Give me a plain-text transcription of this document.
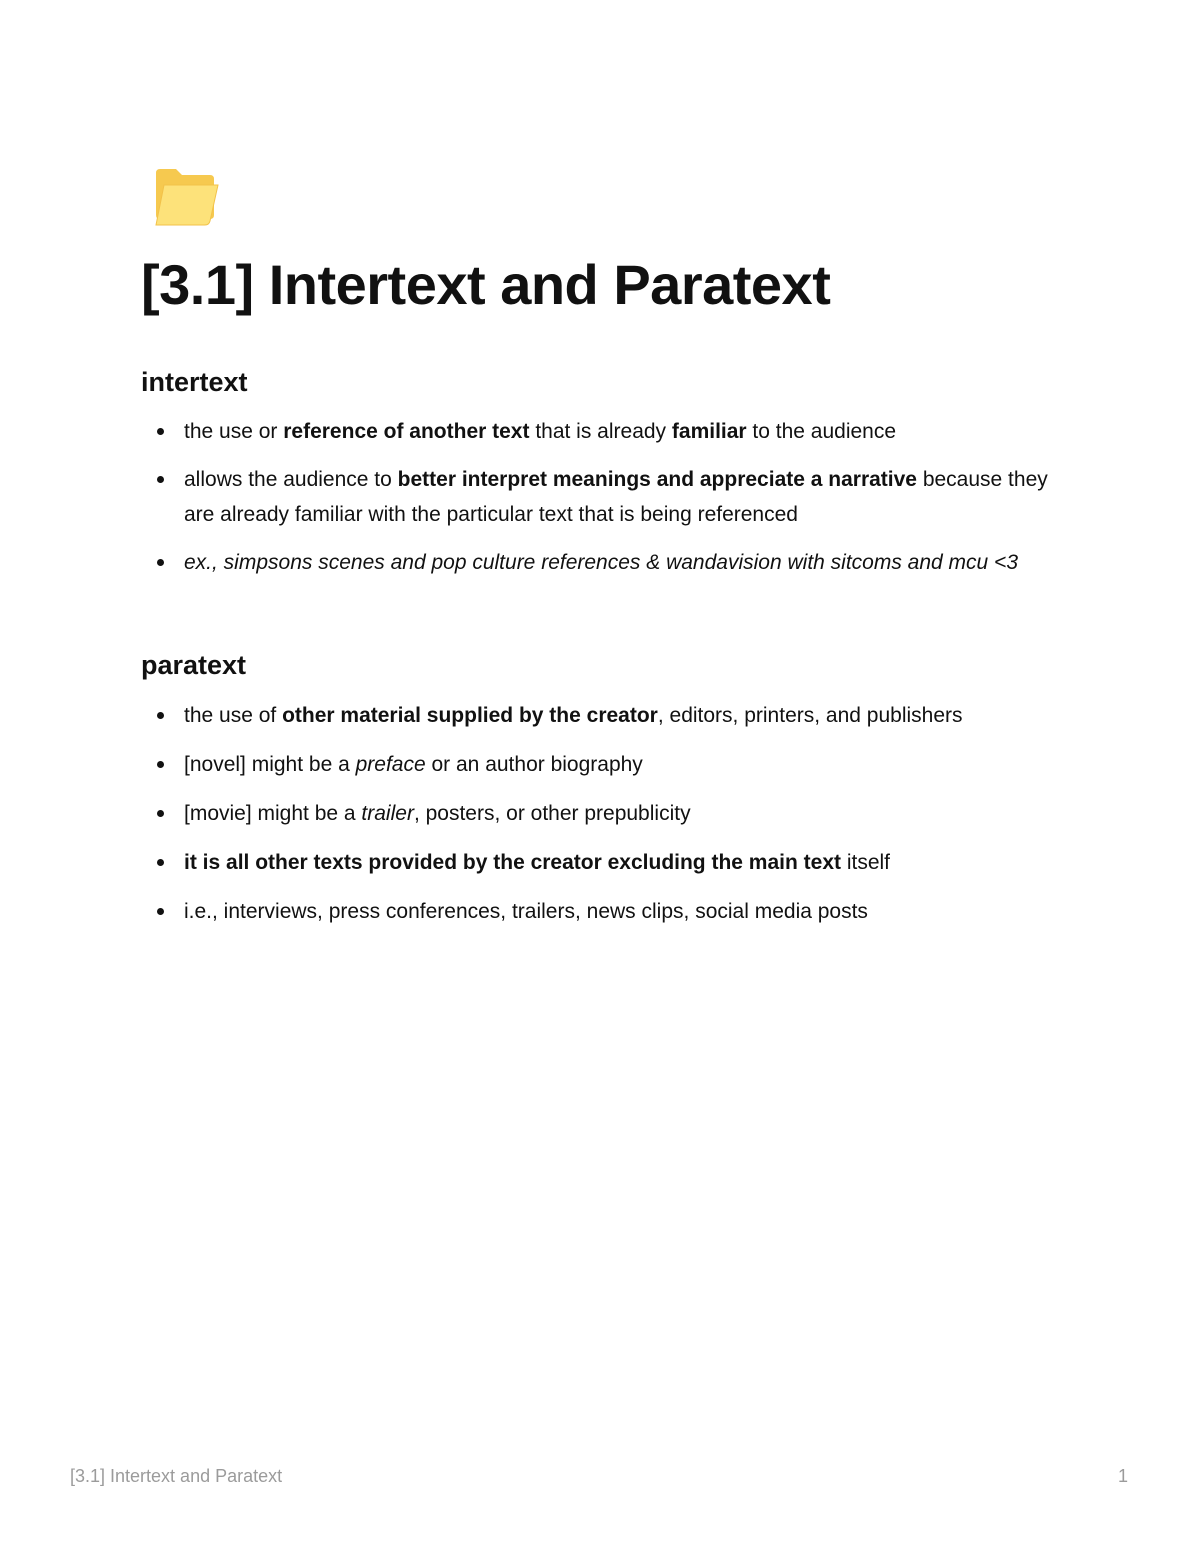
[3.1] Intertext and Paratext
intertext
the use or reference of another text that is already familiar to the audience
allows the audience to better interpret meanings and appreciate a narrative because they are already familiar with the particular text that is being referenced
ex., simpsons scenes and pop culture references & wandavision with sitcoms and mcu <3
paratext
the use of other material supplied by the creator, editors, printers, and publishers
[novel] might be a preface or an author biography
[movie] might be a trailer, posters, or other prepublicity
it is all other texts provided by the creator excluding the main text itself
i.e., interviews, press conferences, trailers, news clips, social media posts
[3.1] Intertext and Paratext	1
